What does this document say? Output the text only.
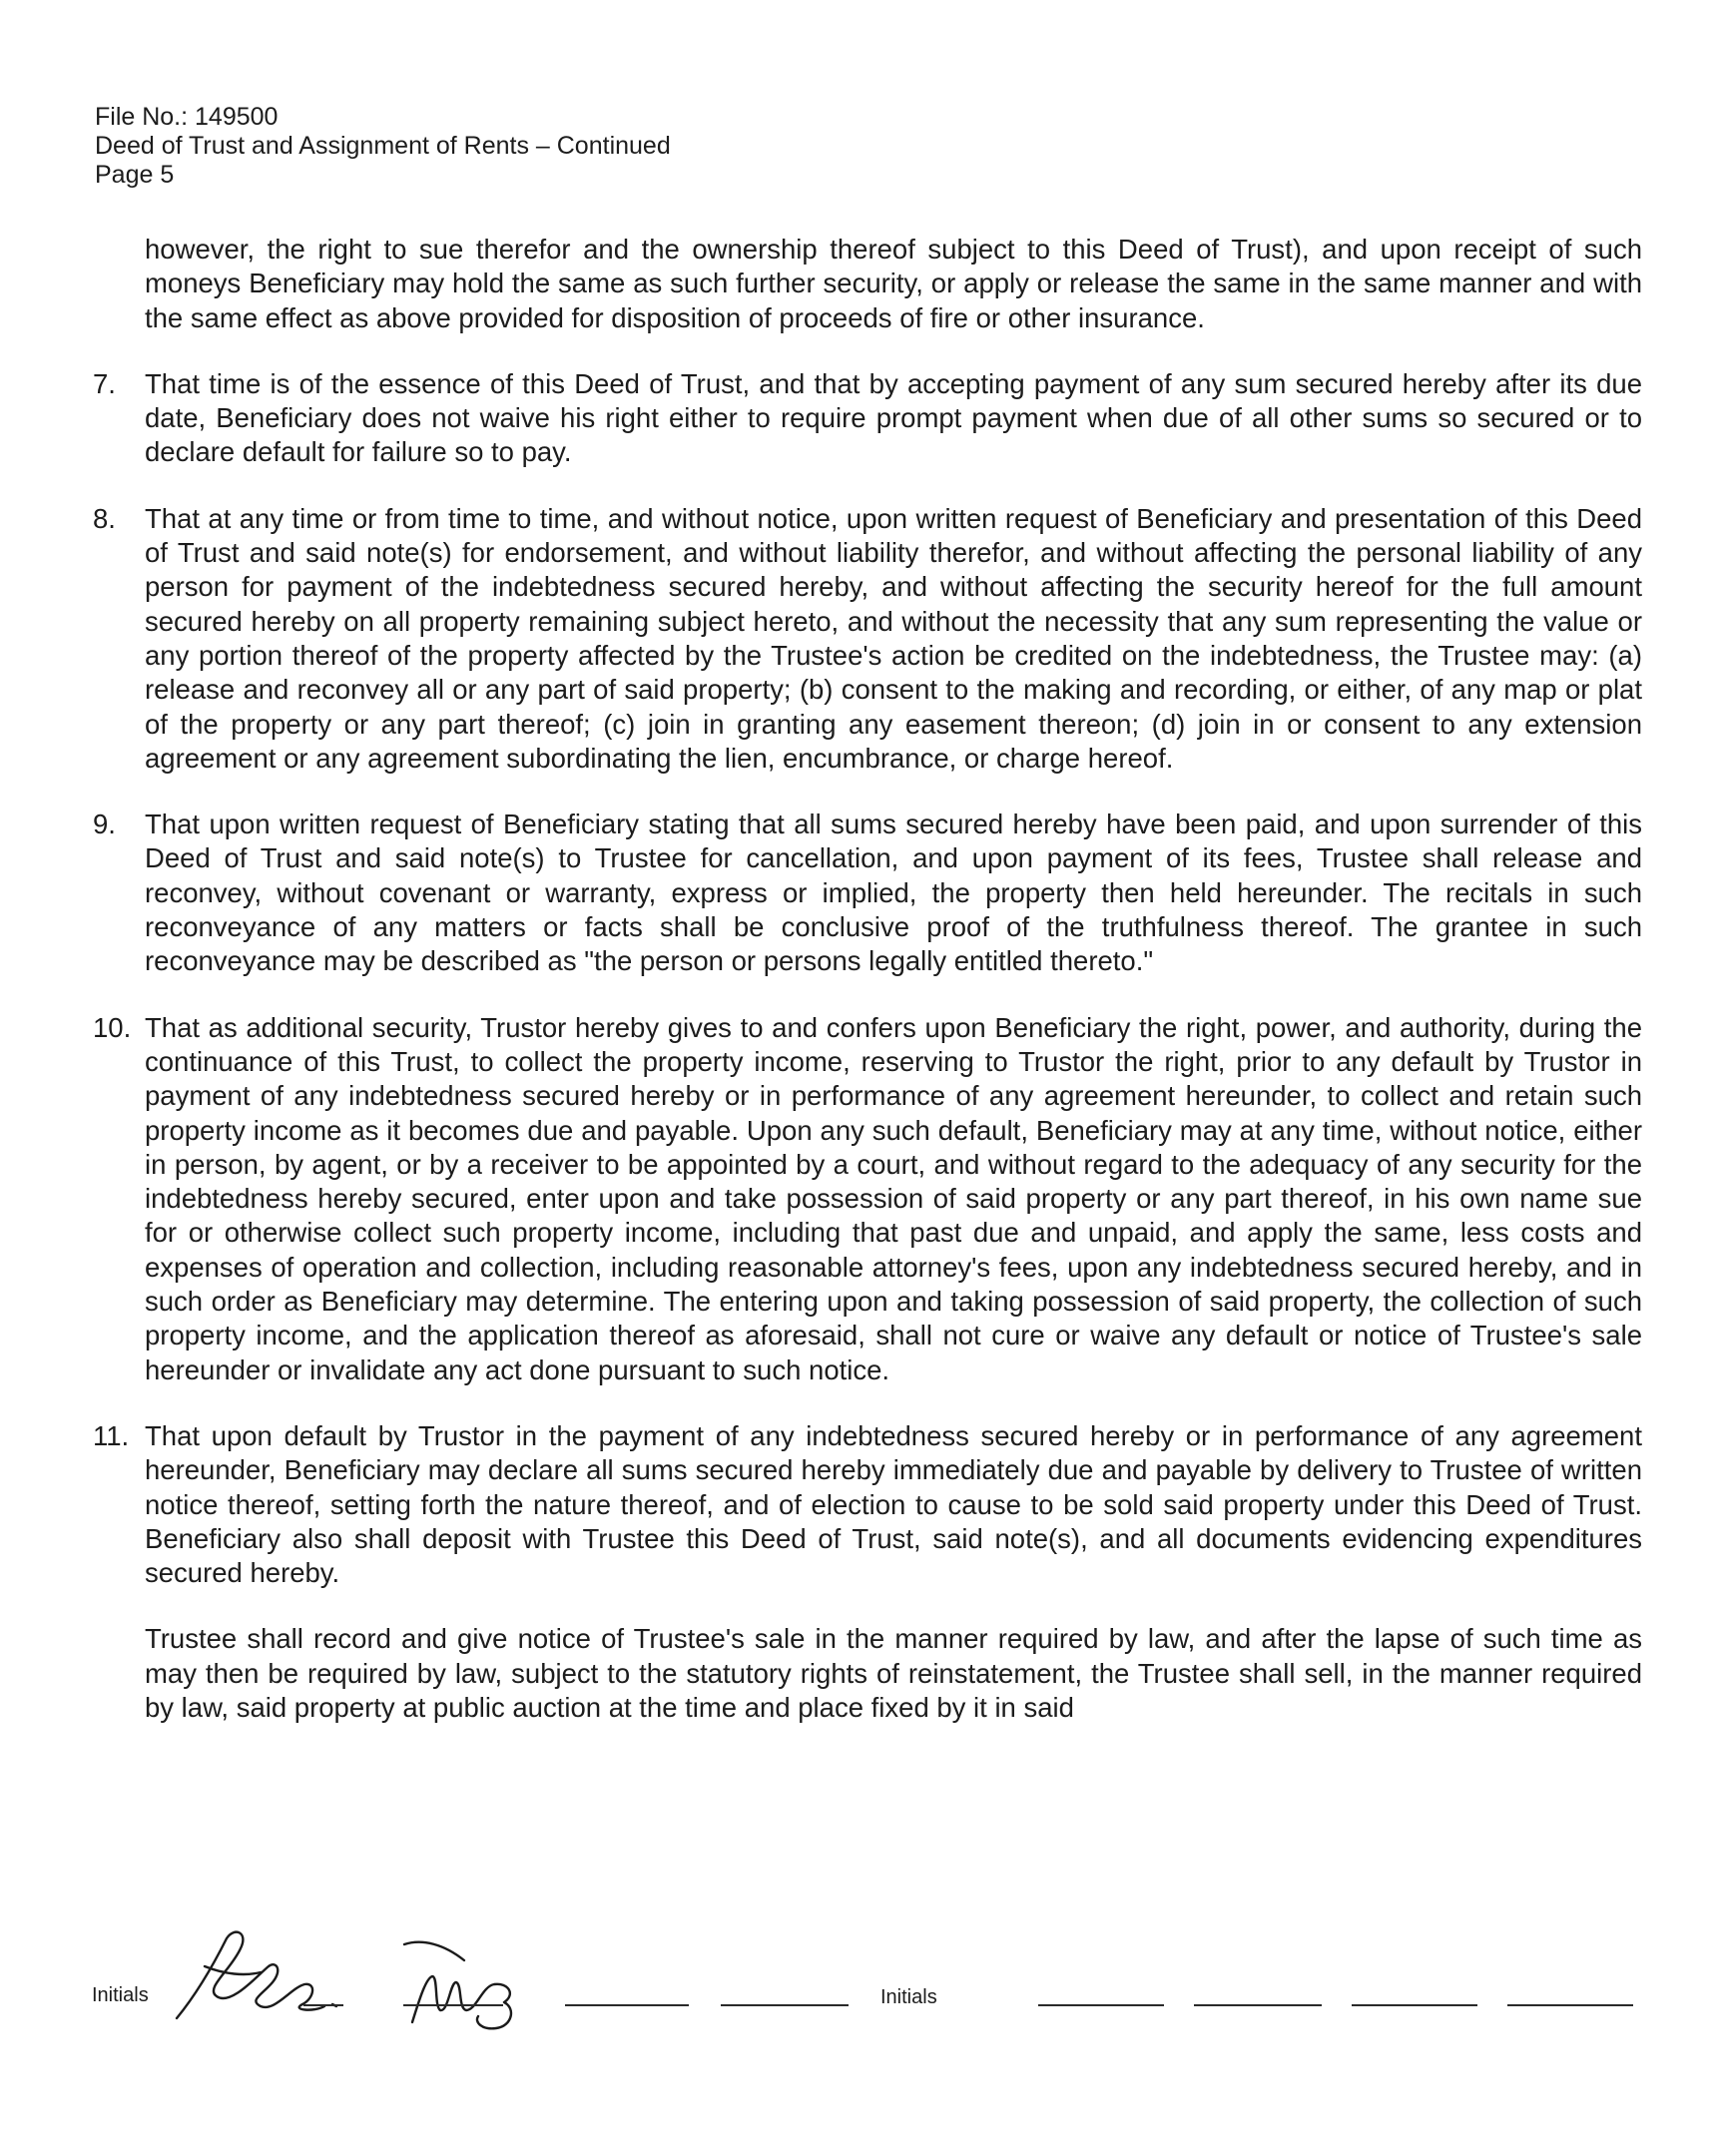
File No.: 149500
Deed of Trust and Assignment of Rents – Continued
Page 5

however, the right to sue therefor and the ownership thereof subject to this Deed of Trust), and upon receipt of such moneys Beneficiary may hold the same as such further security, or apply or release the same in the same manner and with the same effect as above provided for disposition of proceeds of fire or other insurance.

7.	That time is of the essence of this Deed of Trust, and that by accepting payment of any sum secured hereby after its due date, Beneficiary does not waive his right either to require prompt payment when due of all other sums so secured or to declare default for failure so to pay.

8.	That at any time or from time to time, and without notice, upon written request of Beneficiary and presentation of this Deed of Trust and said note(s) for endorsement, and without liability therefor, and without affecting the personal liability of any person for payment of the indebtedness secured hereby, and without affecting the security hereof for the full amount secured hereby on all property remaining subject hereto, and without the necessity that any sum representing the value or any portion thereof of the property affected by the Trustee's action be credited on the indebtedness, the Trustee may: (a) release and reconvey all or any part of said property; (b) consent to the making and recording, or either, of any map or plat of the property or any part thereof; (c) join in granting any easement thereon; (d) join in or consent to any extension agreement or any agreement subordinating the lien, encumbrance, or charge hereof.

9.	That upon written request of Beneficiary stating that all sums secured hereby have been paid, and upon surrender of this Deed of Trust and said note(s) to Trustee for cancellation, and upon payment of its fees, Trustee shall release and reconvey, without covenant or warranty, express or implied, the property then held hereunder. The recitals in such reconveyance of any matters or facts shall be conclusive proof of the truthfulness thereof. The grantee in such reconveyance may be described as "the person or persons legally entitled thereto."

10. That as additional security, Trustor hereby gives to and confers upon Beneficiary the right, power, and authority, during the continuance of this Trust, to collect the property income, reserving to Trustor the right, prior to any default by Trustor in payment of any indebtedness secured hereby or in performance of any agreement hereunder, to collect and retain such property income as it becomes due and payable. Upon any such default, Beneficiary may at any time, without notice, either in person, by agent, or by a receiver to be appointed by a court, and without regard to the adequacy of any security for the indebtedness hereby secured, enter upon and take possession of said property or any part thereof, in his own name sue for or otherwise collect such property income, including that past due and unpaid, and apply the same, less costs and expenses of operation and collection, including reasonable attorney's fees, upon any indebtedness secured hereby, and in such order as Beneficiary may determine. The entering upon and taking possession of said property, the collection of such property income, and the application thereof as aforesaid, shall not cure or waive any default or notice of Trustee's sale hereunder or invalidate any act done pursuant to such notice.

11. That upon default by Trustor in the payment of any indebtedness secured hereby or in performance of any agreement hereunder, Beneficiary may declare all sums secured hereby immediately due and payable by delivery to Trustee of written notice thereof, setting forth the nature thereof, and of election to cause to be sold said property under this Deed of Trust. Beneficiary also shall deposit with Trustee this Deed of Trust, said note(s), and all documents evidencing expenditures secured hereby.

Trustee shall record and give notice of Trustee's sale in the manner required by law, and after the lapse of such time as may then be required by law, subject to the statutory rights of reinstatement, the Trustee shall sell, in the manner required by law, said property at public auction at the time and place fixed by it in said

Initials	Initials
